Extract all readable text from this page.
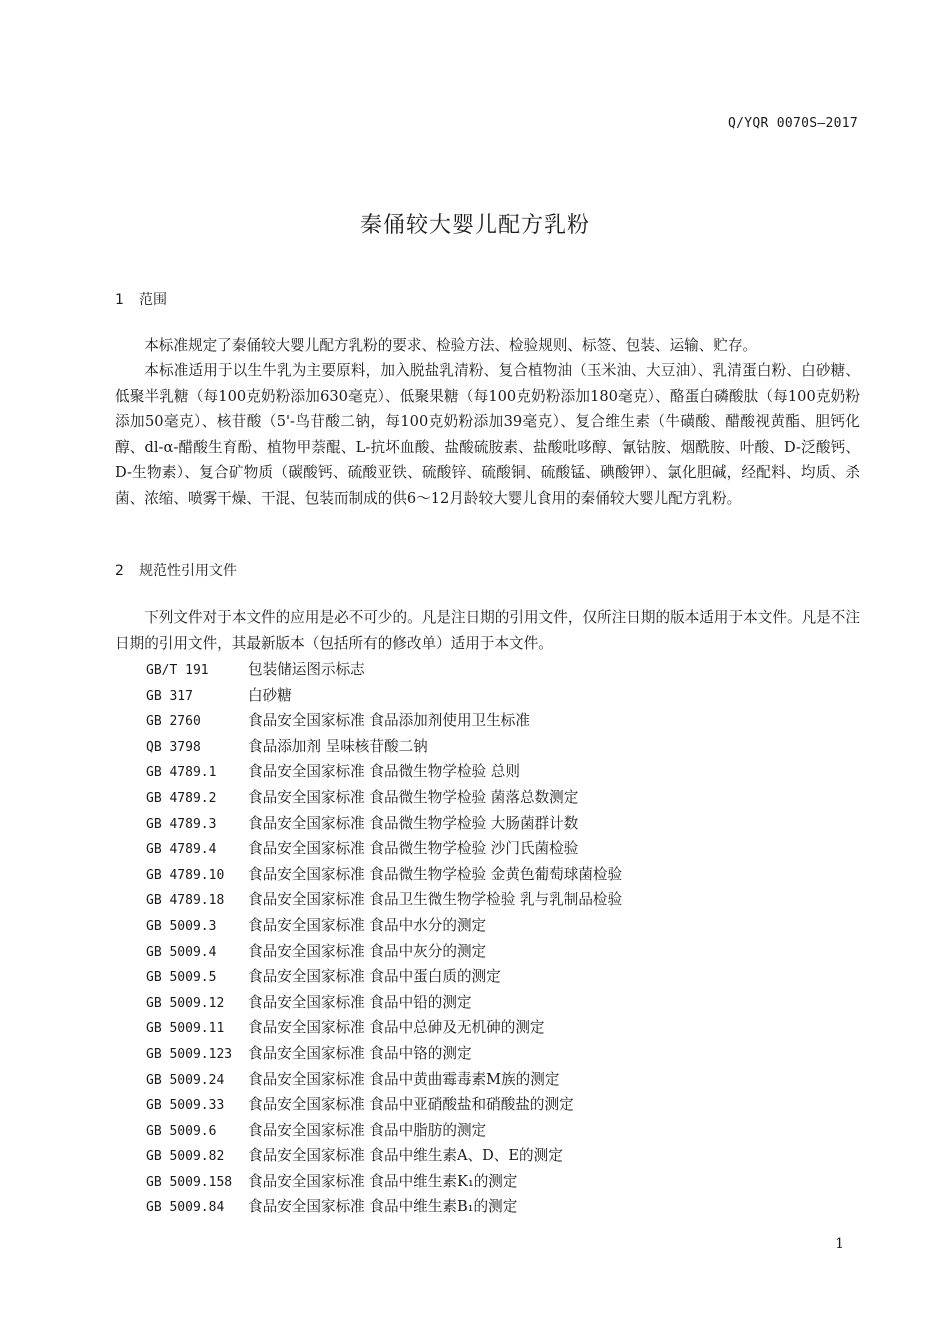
Q/YQR 0070S—2017
秦俑较大婴儿配方乳粉
1 范围

本标准规定了秦俑较大婴儿配方乳粉的要求、检验方法、检验规则、标签、包装、运输、贮存。

本标准适用于以生牛乳为主要原料，加入脱盐乳清粉、复合植物油（玉米油、大豆油）、乳清蛋白粉、白砂糖、低聚半乳糖（每100克奶粉添加630毫克）、低聚果糖（每100克奶粉添加180毫克）、酪蛋白磷酸肽（每100克奶粉添加50毫克）、核苷酸（5'-鸟苷酸二钠，每100克奶粉添加39毫克）、复合维生素（牛磺酸、醋酸视黄酯、胆钙化醇、dl-α-醋酸生育酚、植物甲萘醌、L-抗坏血酸、盐酸硫胺素、盐酸吡哆醇、氰钴胺、烟酰胺、叶酸、D-泛酸钙、D-生物素）、复合矿物质（碳酸钙、硫酸亚铁、硫酸锌、硫酸铜、硫酸锰、碘酸钾）、氯化胆碱，经配料、均质、杀菌、浓缩、喷雾干燥、干混、包装而制成的供6～12月龄较大婴儿食用的秦俑较大婴儿配方乳粉。

2 规范性引用文件

下列文件对于本文件的应用是必不可少的。凡是注日期的引用文件，仅所注日期的版本适用于本文件。凡是不注日期的引用文件，其最新版本（包括所有的修改单）适用于本文件。

GB/T 191	包装储运图示标志
GB 317	白砂糖
GB 2760	食品安全国家标准 食品添加剂使用卫生标准
QB 3798	食品添加剂 呈味核苷酸二钠
GB 4789.1 食品安全国家标准 食品微生物学检验 总则
GB 4789.2 食品安全国家标准 食品微生物学检验 菌落总数测定
GB 4789.3 食品安全国家标准 食品微生物学检验 大肠菌群计数
GB 4789.4 食品安全国家标准 食品微生物学检验 沙门氏菌检验
GB 4789.10 食品安全国家标准 食品微生物学检验 金黄色葡萄球菌检验
GB 4789.18 食品安全国家标准 食品卫生微生物学检验 乳与乳制品检验
GB 5009.3 食品安全国家标准 食品中水分的测定
GB 5009.4 食品安全国家标准 食品中灰分的测定
GB 5009.5 食品安全国家标准 食品中蛋白质的测定
GB 5009.12 食品安全国家标准 食品中铅的测定
GB 5009.11 食品安全国家标准 食品中总砷及无机砷的测定
GB 5009.123 食品安全国家标准 食品中铬的测定
GB 5009.24 食品安全国家标准 食品中黄曲霉毒素M族的测定
GB 5009.33 食品安全国家标准 食品中亚硝酸盐和硝酸盐的测定
GB 5009.6 食品安全国家标准 食品中脂肪的测定
GB 5009.82 食品安全国家标准 食品中维生素A、D、E的测定
GB 5009.158 食品安全国家标准 食品中维生素K₁的测定
GB 5009.84 食品安全国家标准 食品中维生素B₁的测定
1
